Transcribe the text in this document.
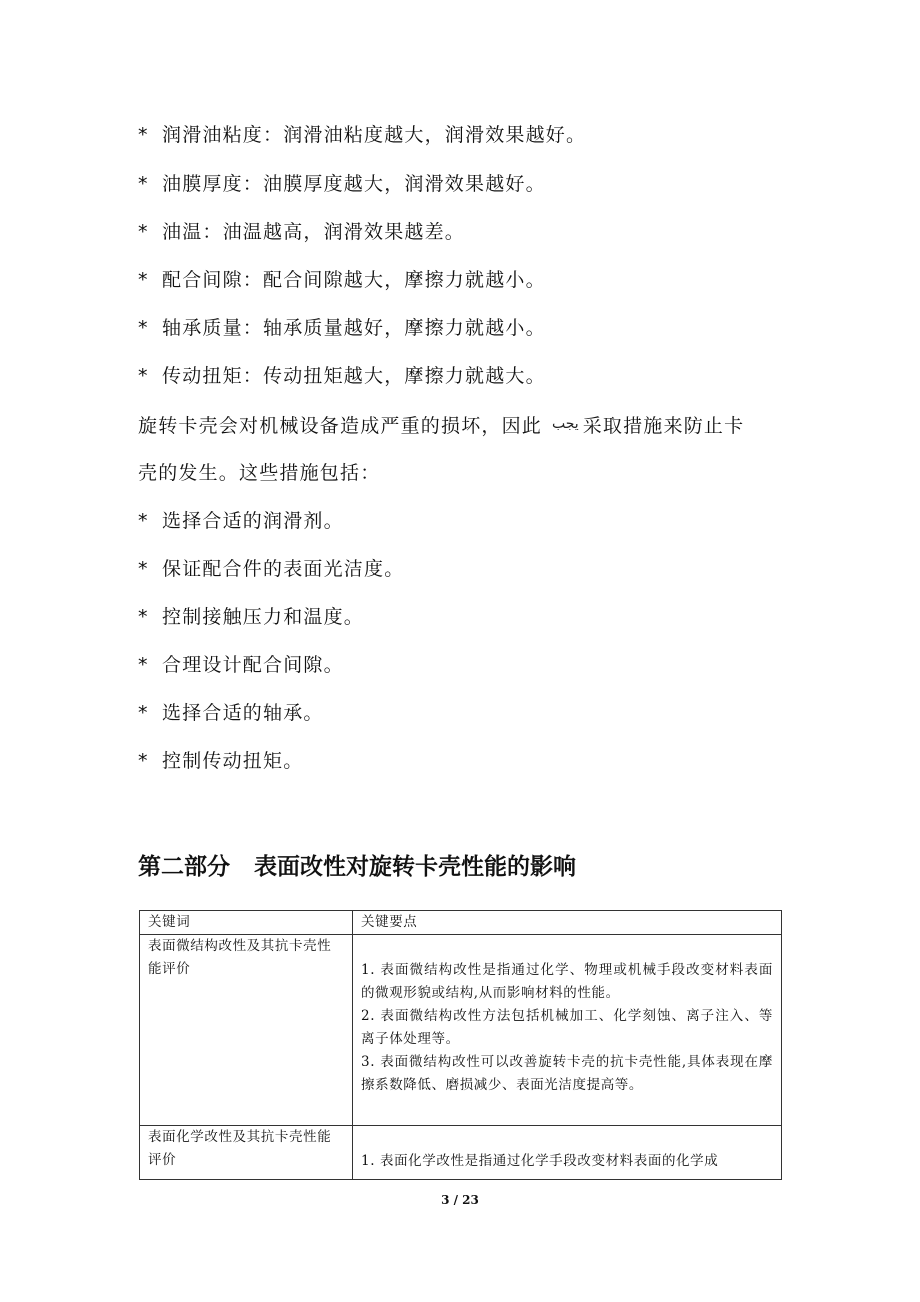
* 润滑油粘度：润滑油粘度越大，润滑效果越好。
* 油膜厚度：油膜厚度越大，润滑效果越好。
* 油温：油温越高，润滑效果越差。
* 配合间隙：配合间隙越大，摩擦力就越小。
* 轴承质量：轴承质量越好，摩擦力就越小。
* 传动扭矩：传动扭矩越大，摩擦力就越大。
旋转卡壳会对机械设备造成严重的损坏，因此 يجب 采取措施来防止卡
壳的发生。这些措施包括：
* 选择合适的润滑剂。
* 保证配合件的表面光洁度。
* 控制接触压力和温度。
* 合理设计配合间隙。
* 选择合适的轴承。
* 控制传动扭矩。
第二部分 表面改性对旋转卡壳性能的影响
关键词	关键要点
表面微结构改性及其抗卡壳性能评价	1. 表面微结构改性是指通过化学、物理或机械手段改变材料表面的微观形貌或结构,从而影响材料的性能。
2. 表面微结构改性方法包括机械加工、化学刻蚀、离子注入、等离子体处理等。
3. 表面微结构改性可以改善旋转卡壳的抗卡壳性能,具体表现在摩擦系数降低、磨损减少、表面光洁度提高等。

表面化学改性及其抗卡壳性能评价	1. 表面化学改性是指通过化学手段改变材料表面的化学成
3 / 23
